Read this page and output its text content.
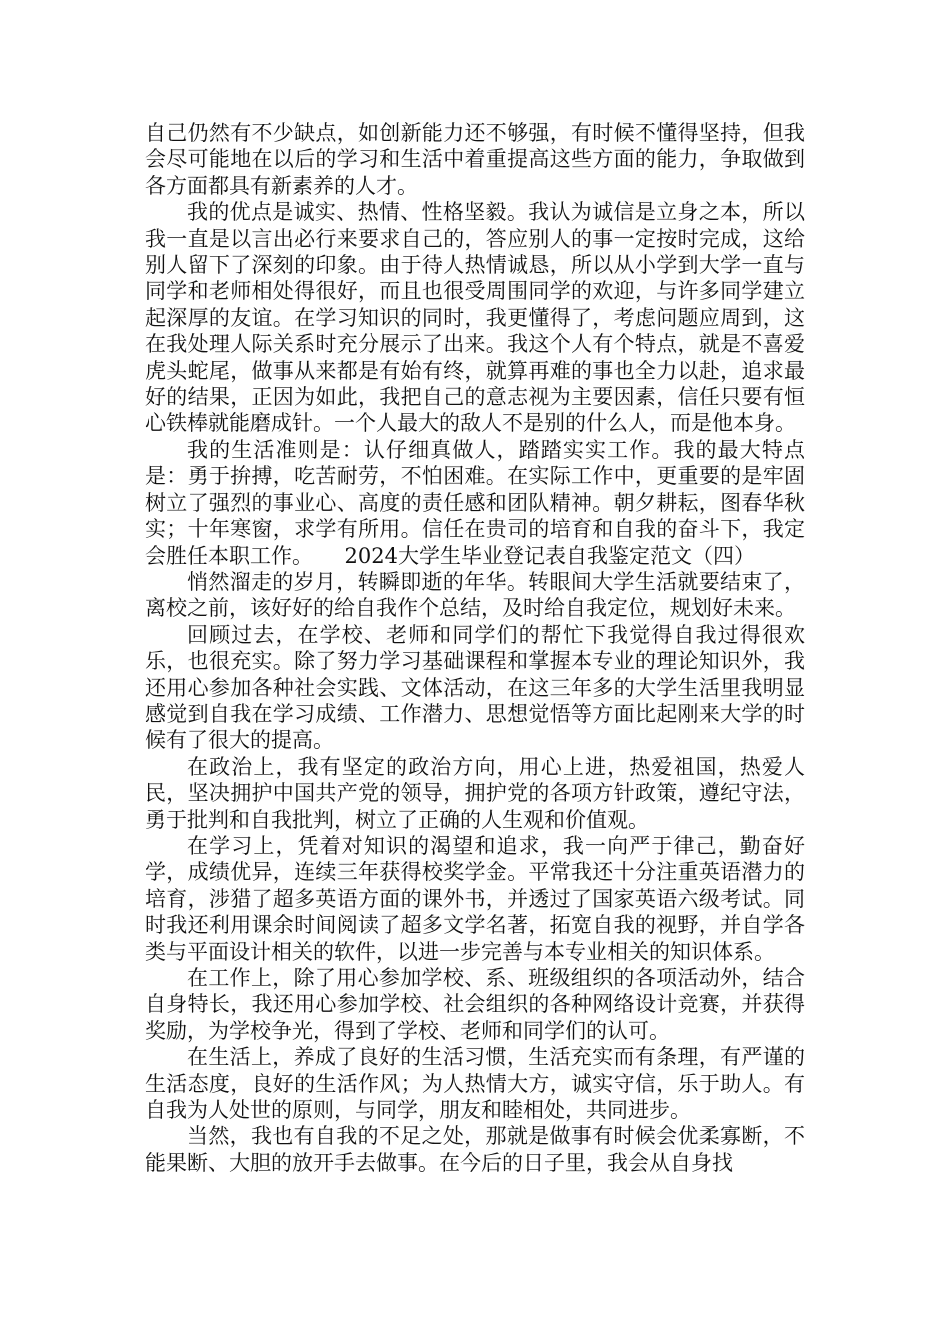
自己仍然有不少缺点，如创新能力还不够强，有时候不懂得坚持，但我会尽可能地在以后的学习和生活中着重提高这些方面的能力，争取做到各方面都具有新素养的人才。

我的优点是诚实、热情、性格坚毅。我认为诚信是立身之本，所以我一直是以言出必行来要求自己的，答应别人的事一定按时完成，这给别人留下了深刻的印象。由于待人热情诚恳，所以从小学到大学一直与同学和老师相处得很好，而且也很受周围同学的欢迎，与许多同学建立起深厚的友谊。在学习知识的同时，我更懂得了，考虑问题应周到，这在我处理人际关系时充分展示了出来。我这个人有个特点，就是不喜爱虎头蛇尾，做事从来都是有始有终，就算再难的事也全力以赴，追求最好的结果，正因为如此，我把自己的意志视为主要因素，信任只要有恒心铁棒就能磨成针。一个人最大的敌人不是别的什么人，而是他本身。

我的生活准则是：认仔细真做人，踏踏实实工作。我的最大特点是：勇于拚搏，吃苦耐劳，不怕困难。在实际工作中，更重要的是牢固树立了强烈的事业心、高度的责任感和团队精神。朝夕耕耘，图春华秋实；十年寒窗，求学有所用。信任在贵司的培育和自我的奋斗下，我定会胜任本职工作。　　2024大学生毕业登记表自我鉴定范文（四）

悄然溜走的岁月，转瞬即逝的年华。转眼间大学生活就要结束了，离校之前，该好好的给自我作个总结，及时给自我定位，规划好未来。

回顾过去，在学校、老师和同学们的帮忙下我觉得自我过得很欢乐，也很充实。除了努力学习基础课程和掌握本专业的理论知识外，我还用心参加各种社会实践、文体活动，在这三年多的大学生活里我明显感觉到自我在学习成绩、工作潜力、思想觉悟等方面比起刚来大学的时候有了很大的提高。

在政治上，我有坚定的政治方向，用心上进，热爱祖国，热爱人民，坚决拥护中国共产党的领导，拥护党的各项方针政策，遵纪守法，勇于批判和自我批判，树立了正确的人生观和价值观。

在学习上，凭着对知识的渴望和追求，我一向严于律己，勤奋好学，成绩优异，连续三年获得校奖学金。平常我还十分注重英语潜力的培育，涉猎了超多英语方面的课外书，并透过了国家英语六级考试。同时我还利用课余时间阅读了超多文学名著，拓宽自我的视野，并自学各类与平面设计相关的软件，以进一步完善与本专业相关的知识体系。

在工作上，除了用心参加学校、系、班级组织的各项活动外，结合自身特长，我还用心参加学校、社会组织的各种网络设计竞赛，并获得奖励，为学校争光，得到了学校、老师和同学们的认可。

在生活上，养成了良好的生活习惯，生活充实而有条理，有严谨的生活态度，良好的生活作风；为人热情大方，诚实守信，乐于助人。有自我为人处世的原则，与同学，朋友和睦相处，共同进步。

当然，我也有自我的不足之处，那就是做事有时候会优柔寡断，不能果断、大胆的放开手去做事。在今后的日子里，我会从自身找
